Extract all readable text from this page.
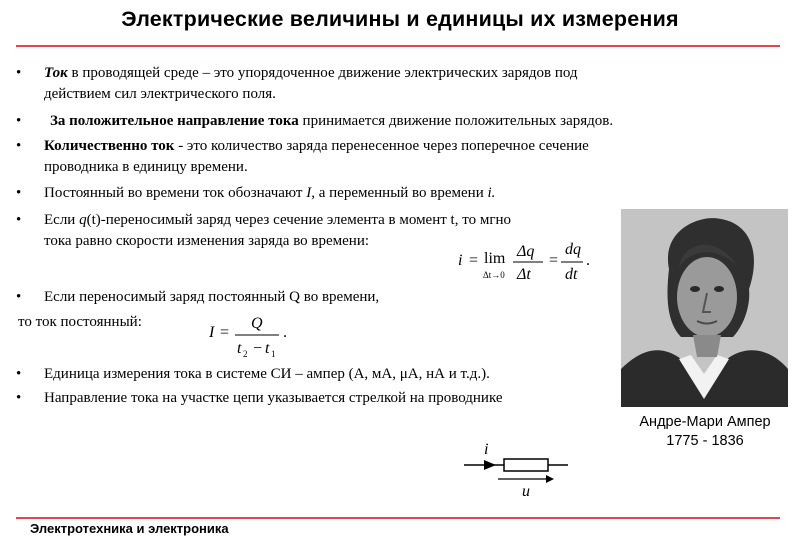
Электрические величины и единицы их измерения
• Ток в проводящей среде – это упорядоченное движение электрических зарядов под
действием сил электрического поля.
• За положительное направление тока принимается движение положительных зарядов.
• Количественно ток - это количество заряда перенесенное через поперечное сечение
проводника в единицу времени.
• Постоянный во времени ток обозначают I, а переменный во времени i.
• Если q(t)-переносимый заряд через сечение элемента в момент t, то мгно
тока равно скорости изменения заряда во времени:
i = lim
Δt→0
Δq
Δt
=
dq
dt
.
• Если переносимый заряд постоянный Q во времени,
то ток постоянный:
I =
Q
t 2 − t 1
.
• Единица измерения тока в системе СИ – ампер (А, мА, μА, нА и т.д.).
• Направление тока на участке цепи указывается стрелкой на проводнике
Андре-Мари Ампер
1775 - 1836
i
u
Электротехника и электроника
